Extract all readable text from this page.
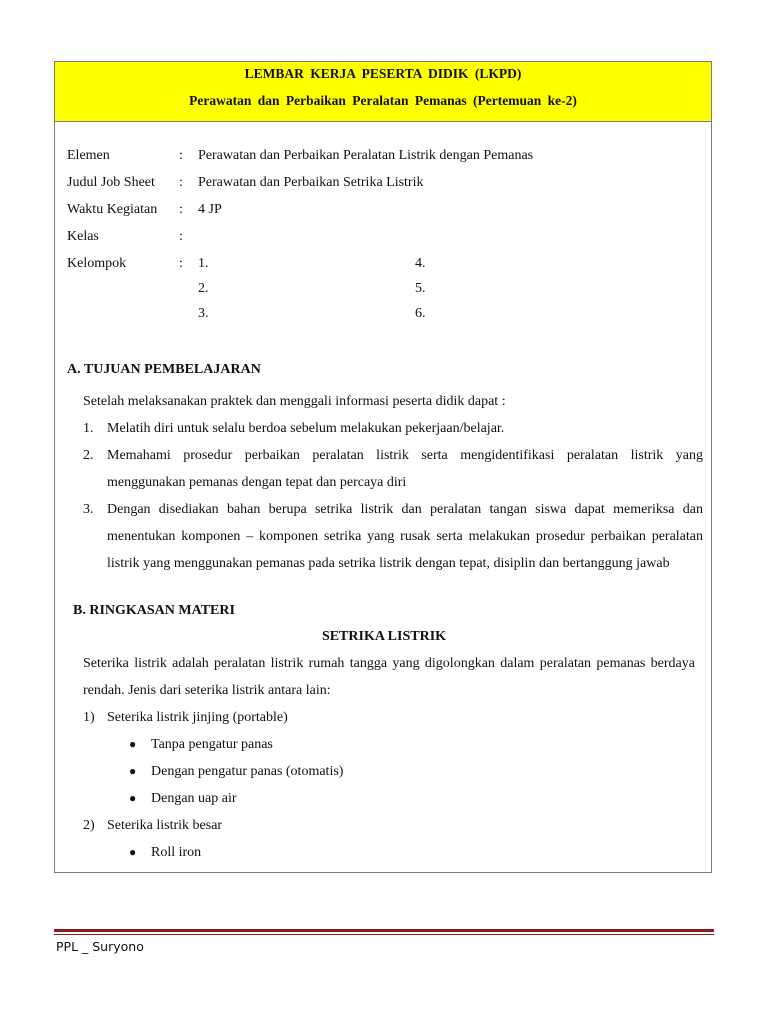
LEMBAR KERJA PESERTA DIDIK (LKPD)
Perawatan dan Perbaikan Peralatan Pemanas (Pertemuan ke-2)
Elemen	: Perawatan dan Perbaikan Peralatan Listrik dengan Pemanas
Judul Job Sheet : Perawatan dan Perbaikan Setrika Listrik
Waktu Kegiatan : 4 JP
Kelas	:
Kelompok	: 1.	4.
2.	5.
3.	6.
A. TUJUAN PEMBELAJARAN
Setelah melaksanakan praktek dan menggali informasi peserta didik dapat :
1. Melatih diri untuk selalu berdoa sebelum melakukan pekerjaan/belajar.
2. Memahami prosedur perbaikan peralatan listrik serta mengidentifikasi peralatan listrik yang menggunakan pemanas dengan tepat dan percaya diri
3. Dengan disediakan bahan berupa setrika listrik dan peralatan tangan siswa dapat memeriksa dan menentukan komponen – komponen setrika yang rusak serta melakukan prosedur perbaikan peralatan listrik yang menggunakan pemanas pada setrika listrik dengan tepat, disiplin dan bertanggung jawab
B. RINGKASAN MATERI
SETRIKA LISTRIK
Seterika listrik adalah peralatan listrik rumah tangga yang digolongkan dalam peralatan pemanas berdaya rendah. Jenis dari seterika listrik antara lain:
1) Seterika listrik jinjing (portable)
● Tanpa pengatur panas
● Dengan pengatur panas (otomatis)
● Dengan uap air
2) Seterika listrik besar
● Roll iron
PPL _ Suryono
